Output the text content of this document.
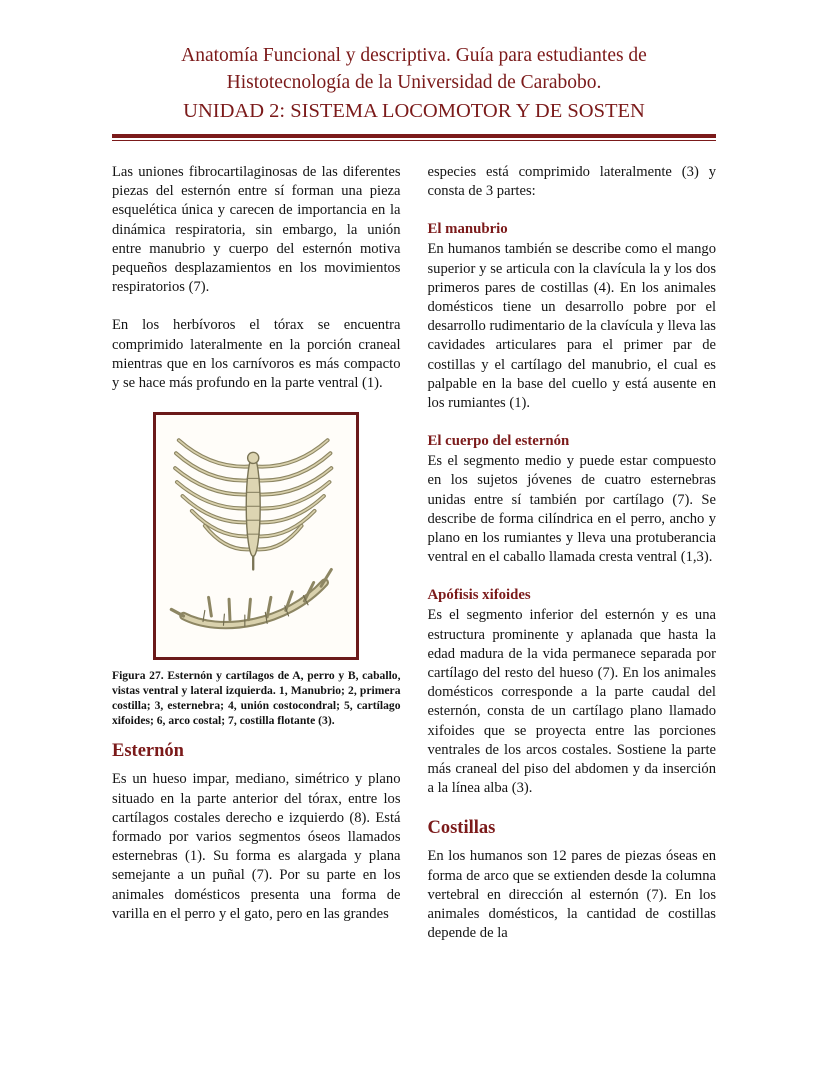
Anatomía Funcional y descriptiva. Guía para estudiantes de
Histotecnología de la Universidad de Carabobo.
UNIDAD 2: SISTEMA LOCOMOTOR Y DE SOSTEN

Las uniones fibrocartilaginosas de las diferentes piezas del esternón entre sí forman una pieza esquelética única y carecen de importancia en la dinámica respiratoria, sin embargo, la unión entre manubrio y cuerpo del esternón motiva pequeños desplazamientos en los movimientos respiratorios (7).

En los herbívoros el tórax se encuentra comprimido lateralmente en la porción craneal mientras que en los carnívoros es más compacto y se hace más profundo en la parte ventral (1).

Figura 27. Esternón y cartílagos de A, perro y B, caballo, vistas ventral y lateral izquierda. 1, Manubrio; 2, primera costilla; 3, esternebra; 4, unión costocondral; 5, cartílago xifoides; 6, arco costal; 7, costilla flotante (3).
Esternón

Es un hueso impar, mediano, simétrico y plano situado en la parte anterior del tórax, entre los cartílagos costales derecho e izquierdo (8). Está formado por varios segmentos óseos llamados esternebras (1). Su forma es alargada y plana semejante a un puñal (7). Por su parte en los animales domésticos presenta una forma de varilla en el perro y el gato, pero en las grandes

especies está comprimido lateralmente (3) y consta de 3 partes:

El manubrio

En humanos también se describe como el mango superior y se articula con la clavícula la y los dos primeros pares de costillas (4). En los animales domésticos tiene un desarrollo pobre por el desarrollo rudimentario de la clavícula y lleva las cavidades articulares para el primer par de costillas y el cartílago del manubrio, el cual es palpable en la base del cuello y está ausente en los rumiantes (1).

El cuerpo del esternón

Es el segmento medio y puede estar compuesto en los sujetos jóvenes de cuatro esternebras unidas entre sí también por cartílago (7). Se describe de forma cilíndrica en el perro, ancho y plano en los rumiantes y lleva una protuberancia ventral en el caballo llamada cresta ventral (1,3).

Apófisis xifoides

Es el segmento inferior del esternón y es una estructura prominente y aplanada que hasta la edad madura de la vida permanece separada por cartílago del resto del hueso (7). En los animales domésticos corresponde a la parte caudal del esternón, consta de un cartílago plano llamado xifoides que se proyecta entre las porciones ventrales de los arcos costales. Sostiene la parte más craneal del piso del abdomen y da inserción a la línea alba (3).

Costillas

En los humanos son 12 pares de piezas óseas en forma de arco que se extienden desde la columna vertebral en dirección al esternón (7). En los animales domésticos, la cantidad de costillas depende de la
